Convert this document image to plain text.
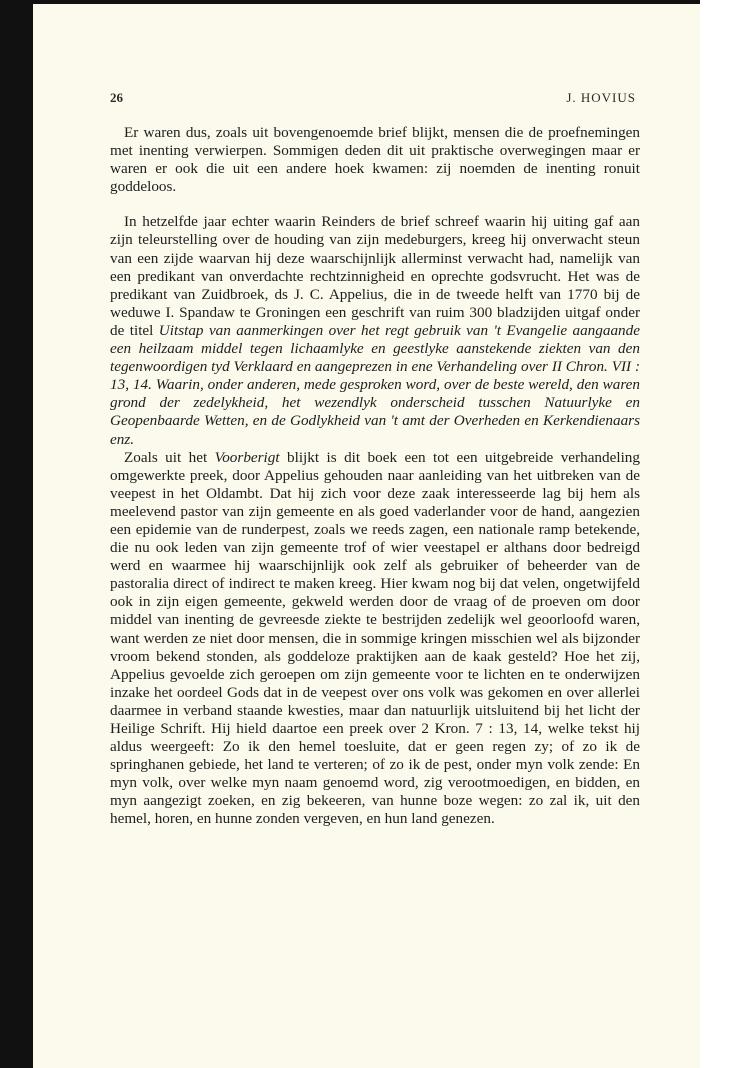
26	J. HOVIUS

Er waren dus, zoals uit bovengenoemde brief blijkt, mensen die de proefnemingen met inenting verwierpen. Sommigen deden dit uit praktische overwegingen maar er waren er ook die uit een andere hoek kwamen: zij noemden de inenting ronuit goddeloos.

In hetzelfde jaar echter waarin Reinders de brief schreef waarin hij uiting gaf aan zijn teleurstelling over de houding van zijn medeburgers, kreeg hij onverwacht steun van een zijde waarvan hij deze waarschijnlijk allerminst verwacht had, namelijk van een predikant van onverdachte rechtzinnigheid en oprechte godsvrucht. Het was de predikant van Zuidbroek, ds J. C. Appelius, die in de tweede helft van 1770 bij de weduwe I. Spandaw te Groningen een geschrift van ruim 300 bladzijden uitgaf onder de titel Uitstap van aanmerkingen over het regt gebruik van 't Evangelie aangaande een heilzaam middel tegen lichaamlyke en geestlyke aanstekende ziekten van den tegenwoordigen tyd Verklaard en aangeprezen in ene Verhandeling over II Chron. VII : 13, 14. Waarin, onder anderen, mede gesproken word, over de beste wereld, den waren grond der zedelykheid, het wezendlyk onderscheid tusschen Natuurlyke en Geopenbaarde Wetten, en de Godlykheid van 't amt der Overheden en Kerkendienaars enz.

Zoals uit het Voorberigt blijkt is dit boek een tot een uitgebreide verhandeling omgewerkte preek, door Appelius gehouden naar aanleiding van het uitbreken van de veepest in het Oldambt. Dat hij zich voor deze zaak interesseerde lag bij hem als meelevend pastor van zijn gemeente en als goed vaderlander voor de hand, aangezien een epidemie van de runderpest, zoals we reeds zagen, een nationale ramp betekende, die nu ook leden van zijn gemeente trof of wier veestapel er althans door bedreigd werd en waarmee hij waarschijnlijk ook zelf als gebruiker of beheerder van de pastoralia direct of indirect te maken kreeg. Hier kwam nog bij dat velen, ongetwijfeld ook in zijn eigen gemeente, gekweld werden door de vraag of de proeven om door middel van inenting de gevreesde ziekte te bestrijden zedelijk wel geoorloofd waren, want werden ze niet door mensen, die in sommige kringen misschien wel als bijzonder vroom bekend stonden, als goddeloze praktijken aan de kaak gesteld? Hoe het zij, Appelius gevoelde zich geroepen om zijn gemeente voor te lichten en te onderwijzen inzake het oordeel Gods dat in de veepest over ons volk was gekomen en over allerlei daarmee in verband staande kwesties, maar dan natuurlijk uitsluitend bij het licht der Heilige Schrift. Hij hield daartoe een preek over 2 Kron. 7 : 13, 14, welke tekst hij aldus weergeeft: Zo ik den hemel toesluite, dat er geen regen zy; of zo ik de springhanen gebiede, het land te verteren; of zo ik de pest, onder myn volk zende: En myn volk, over welke myn naam genoemd word, zig verootmoedigen, en bidden, en myn aangezigt zoeken, en zig bekeeren, van hunne boze wegen: zo zal ik, uit den hemel, horen, en hunne zonden vergeven, en hun land genezen.
